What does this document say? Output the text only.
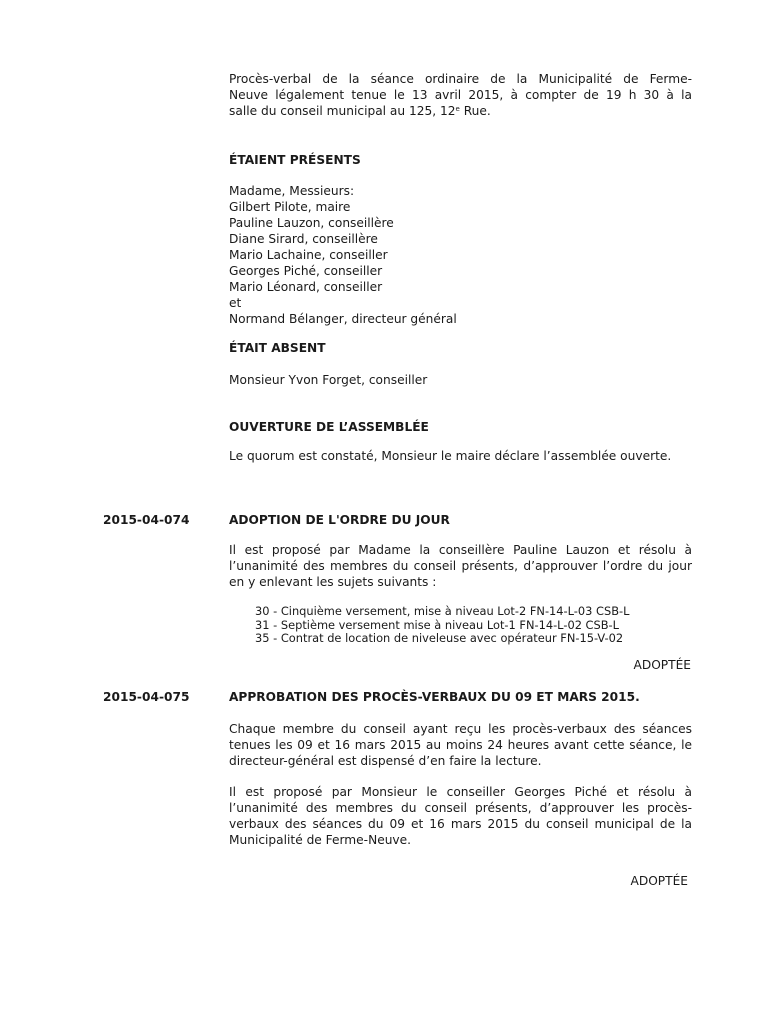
Procès-verbal de la séance ordinaire de la Municipalité de Ferme-
Neuve légalement tenue le 13 avril 2015, à compter de 19 h 30 à la
salle du conseil municipal au 125, 12e Rue.
ÉTAIENT PRÉSENTS
Madame, Messieurs:
Gilbert Pilote, maire
Pauline Lauzon, conseillère
Diane Sirard, conseillère
Mario Lachaine, conseiller
Georges Piché, conseiller
Mario Léonard, conseiller
et
Normand Bélanger, directeur général
ÉTAIT ABSENT
Monsieur Yvon Forget, conseiller
OUVERTURE DE L’ASSEMBLÉE
Le quorum est constaté, Monsieur le maire déclare l’assemblée ouverte.
2015-04-074	ADOPTION DE L'ORDRE DU JOUR
Il est proposé par Madame la conseillère Pauline Lauzon et résolu à l’unanimité des membres du conseil présents, d’approuver l’ordre du jour en y enlevant les sujets suivants :
30 - Cinquième versement, mise à niveau Lot-2 FN-14-L-03 CSB-L
31 - Septième versement mise à niveau Lot-1 FN-14-L-02 CSB-L
35 - Contrat de location de niveleuse avec opérateur FN-15-V-02
ADOPTÉE
2015-04-075	APPROBATION DES PROCÈS-VERBAUX DU 09 ET MARS 2015.
Chaque membre du conseil ayant reçu les procès-verbaux des séances tenues les 09 et 16 mars 2015 au moins 24 heures avant cette séance, le directeur-général est dispensé d’en faire la lecture.
Il est proposé par Monsieur le conseiller Georges Piché et résolu à l’unanimité des membres du conseil présents, d’approuver les procès-verbaux des séances du 09 et 16 mars 2015 du conseil municipal de la Municipalité de Ferme-Neuve.
ADOPTÉE
